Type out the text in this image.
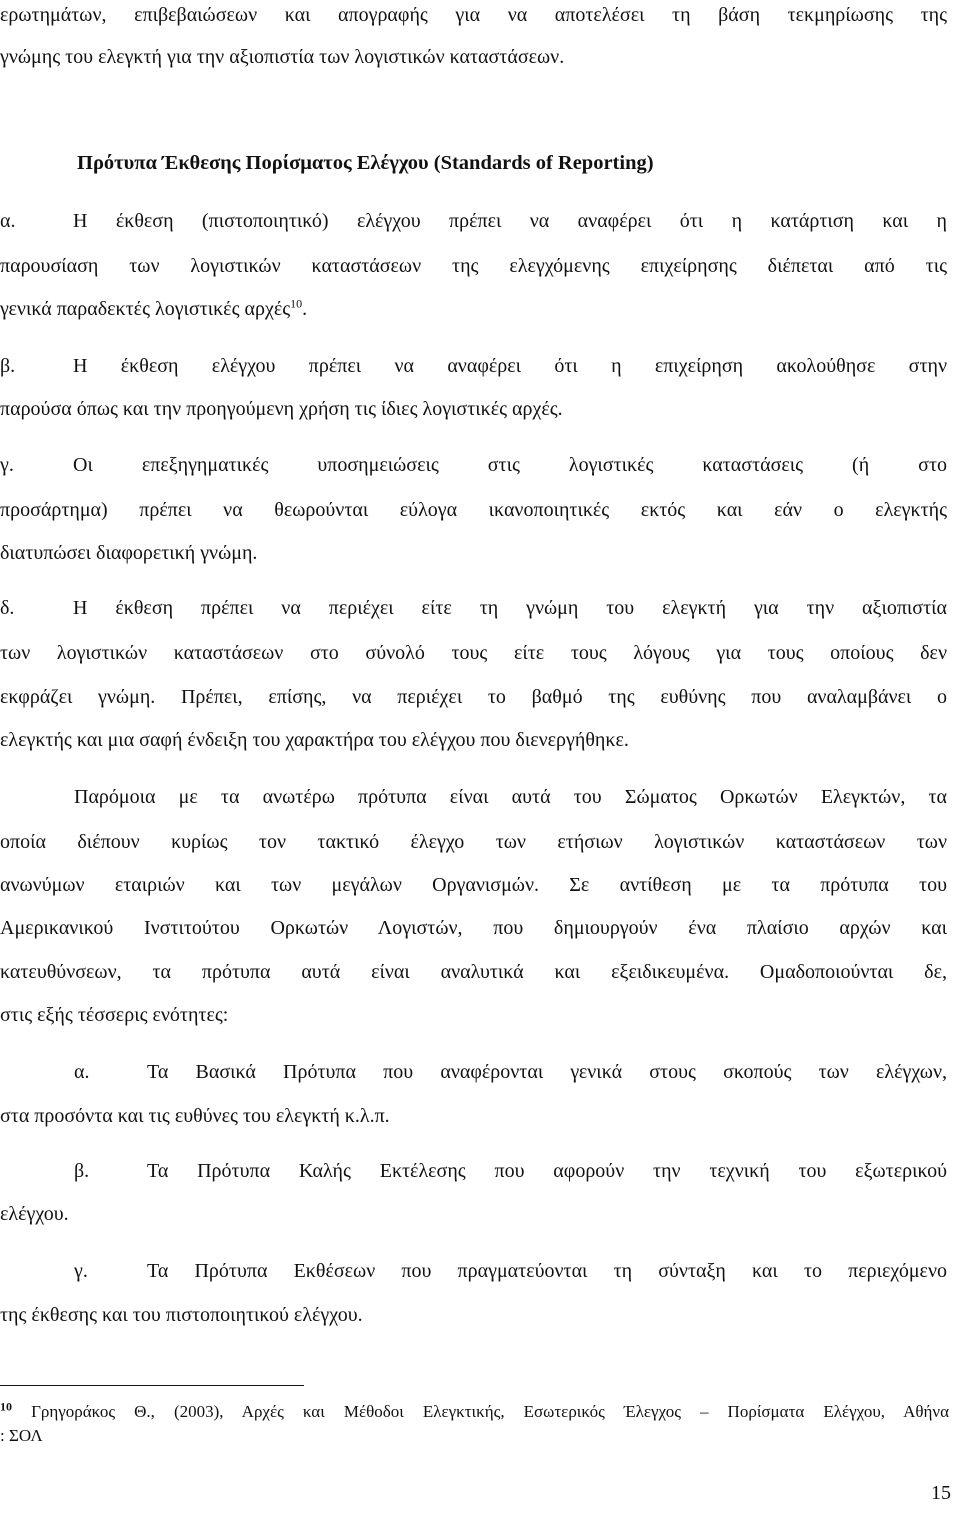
ερωτημάτων, επιβεβαιώσεων και απογραφής για να αποτελέσει τη βάση τεκμηρίωσης της

γνώμης του ελεγκτή για την αξιοπιστία των λογιστικών καταστάσεων.

Πρότυπα Έκθεσης Πορίσματος Ελέγχου (Standards of Reporting)

α.	Η έκθεση (πιστοποιητικό) ελέγχου πρέπει να αναφέρει ότι η κατάρτιση και η

παρουσίαση των λογιστικών καταστάσεων της ελεγχόμενης επιχείρησης διέπεται από τις

γενικά παραδεκτές λογιστικές αρχές$^{10}$.

β.	Η έκθεση ελέγχου πρέπει να αναφέρει ότι η επιχείρηση ακολούθησε στην

παρούσα όπως και την προηγούμενη χρήση τις ίδιες λογιστικές αρχές.

γ.	Οι επεξηγηματικές υποσημειώσεις στις λογιστικές καταστάσεις (ή στο

προσάρτημα) πρέπει να θεωρούνται εύλογα ικανοποιητικές εκτός και εάν ο ελεγκτής

διατυπώσει διαφορετική γνώμη.

δ.	Η έκθεση πρέπει να περιέχει είτε τη γνώμη του ελεγκτή για την αξιοπιστία

των λογιστικών καταστάσεων στο σύνολό τους είτε τους λόγους για τους οποίους δεν

εκφράζει γνώμη. Πρέπει, επίσης, να περιέχει το βαθμό της ευθύνης που αναλαμβάνει ο

ελεγκτής και μια σαφή ένδειξη του χαρακτήρα του ελέγχου που διενεργήθηκε.

Παρόμοια με τα ανωτέρω πρότυπα είναι αυτά του Σώματος Ορκωτών Ελεγκτών, τα

οποία διέπουν κυρίως τον τακτικό έλεγχο των ετήσιων λογιστικών καταστάσεων των

ανωνύμων εταιριών και των μεγάλων Οργανισμών. Σε αντίθεση με τα πρότυπα του

Αμερικανικού Ινστιτούτου Ορκωτών Λογιστών, που δημιουργούν ένα πλαίσιο αρχών και

κατευθύνσεων, τα πρότυπα αυτά είναι αναλυτικά και εξειδικευμένα. Ομαδοποιούνται δε,

στις εξής τέσσερις ενότητες:

α.	Τα Βασικά Πρότυπα που αναφέρονται γενικά στους σκοπούς των ελέγχων,

στα προσόντα και τις ευθύνες του ελεγκτή κ.λ.π.

β.	Τα Πρότυπα Καλής Εκτέλεσης που αφορούν την τεχνική του εξωτερικού

ελέγχου.

γ.	Τα Πρότυπα Εκθέσεων που πραγματεύονται τη σύνταξη και το περιεχόμενο

της έκθεσης και του πιστοποιητικού ελέγχου.

$^{10}$ Γρηγοράκος Θ., (2003), Αρχές και Μέθοδοι Ελεγκτικής, Εσωτερικός Έλεγχος – Πορίσματα Ελέγχου, Αθήνα

: ΣΟΛ

15
